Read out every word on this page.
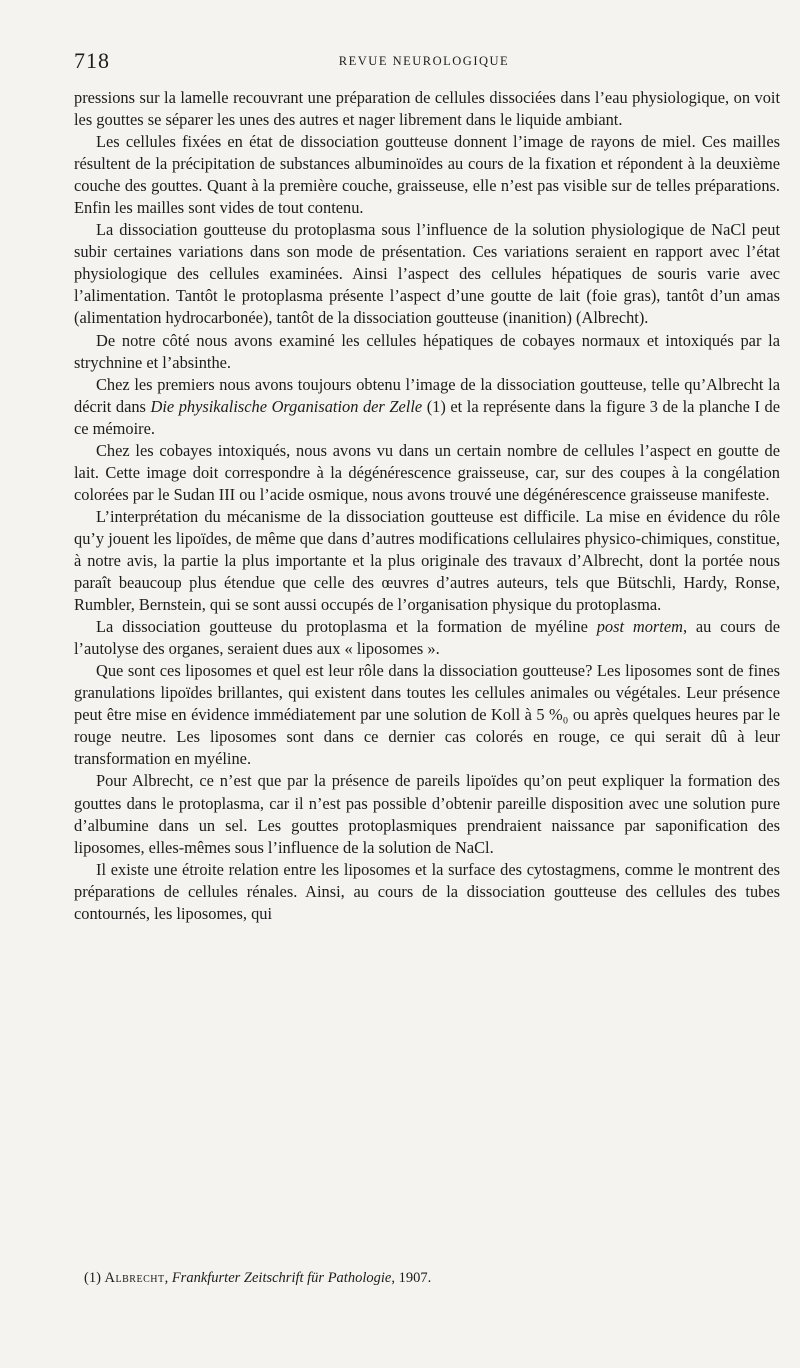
718	REVUE NEUROLOGIQUE

pressions sur la lamelle recouvrant une préparation de cellules dissociées dans l’eau physiologique, on voit les gouttes se séparer les unes des autres et nager librement dans le liquide ambiant.

Les cellules fixées en état de dissociation goutteuse donnent l’image de rayons de miel. Ces mailles résultent de la précipitation de substances albuminoïdes au cours de la fixation et répondent à la deuxième couche des gouttes. Quant à la première couche, graisseuse, elle n’est pas visible sur de telles préparations. Enfin les mailles sont vides de tout contenu.

La dissociation goutteuse du protoplasma sous l’influence de la solution physiologique de NaCl peut subir certaines variations dans son mode de présentation. Ces variations seraient en rapport avec l’état physiologique des cellules examinées. Ainsi l’aspect des cellules hépatiques de souris varie avec l’alimentation. Tantôt le protoplasma présente l’aspect d’une goutte de lait (foie gras), tantôt d’un amas (alimentation hydrocarbonée), tantôt de la dissociation goutteuse (inanition) (Albrecht).

De notre côté nous avons examiné les cellules hépatiques de cobayes normaux et intoxiqués par la strychnine et l’absinthe.

Chez les premiers nous avons toujours obtenu l’image de la dissociation goutteuse, telle qu’Albrecht la décrit dans Die physikalische Organisation der Zelle (1) et la représente dans la figure 3 de la planche I de ce mémoire.

Chez les cobayes intoxiqués, nous avons vu dans un certain nombre de cellules l’aspect en goutte de lait. Cette image doit correspondre à la dégénérescence graisseuse, car, sur des coupes à la congélation colorées par le Sudan III ou l’acide osmique, nous avons trouvé une dégénérescence graisseuse manifeste.

L’interprétation du mécanisme de la dissociation goutteuse est difficile. La mise en évidence du rôle qu’y jouent les lipoïdes, de même que dans d’autres modifications cellulaires physico-chimiques, constitue, à notre avis, la partie la plus importante et la plus originale des travaux d’Albrecht, dont la portée nous paraît beaucoup plus étendue que celle des œuvres d’autres auteurs, tels que Bütschli, Hardy, Ronse, Rumbler, Bernstein, qui se sont aussi occupés de l’organisation physique du protoplasma.

La dissociation goutteuse du protoplasma et la formation de myéline post mortem, au cours de l’autolyse des organes, seraient dues aux « liposomes ».

Que sont ces liposomes et quel est leur rôle dans la dissociation goutteuse? Les liposomes sont de fines granulations lipoïdes brillantes, qui existent dans toutes les cellules animales ou végétales. Leur présence peut être mise en évidence immédiatement par une solution de Koll à 5 %₀ ou après quelques heures par le rouge neutre. Les liposomes sont dans ce dernier cas colorés en rouge, ce qui serait dû à leur transformation en myéline.

Pour Albrecht, ce n’est que par la présence de pareils lipoïdes qu’on peut expliquer la formation des gouttes dans le protoplasma, car il n’est pas possible d’obtenir pareille disposition avec une solution pure d’albumine dans un sel. Les gouttes protoplasmiques prendraient naissance par saponification des liposomes, elles-mêmes sous l’influence de la solution de NaCl.

Il existe une étroite relation entre les liposomes et la surface des cytostagmens, comme le montrent des préparations de cellules rénales. Ainsi, au cours de la dissociation goutteuse des cellules des tubes contournés, les liposomes, qui

(1) Albrecht, Frankfurter Zeitschrift für Pathologie, 1907.
